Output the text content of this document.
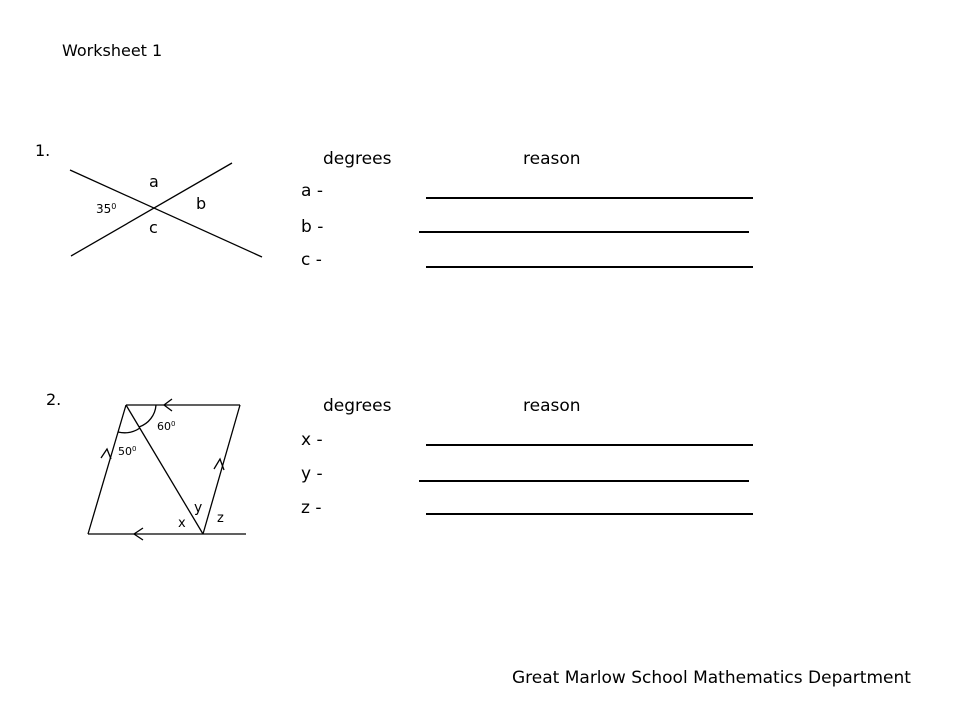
Worksheet 1
1.
a
b
c
$35^0$
degrees	reason
a -
b -
c -
2.
$50^0$
$60^0$
y
x z
degrees	reason
x -
y -
z -
Great Marlow School Mathematics Department
